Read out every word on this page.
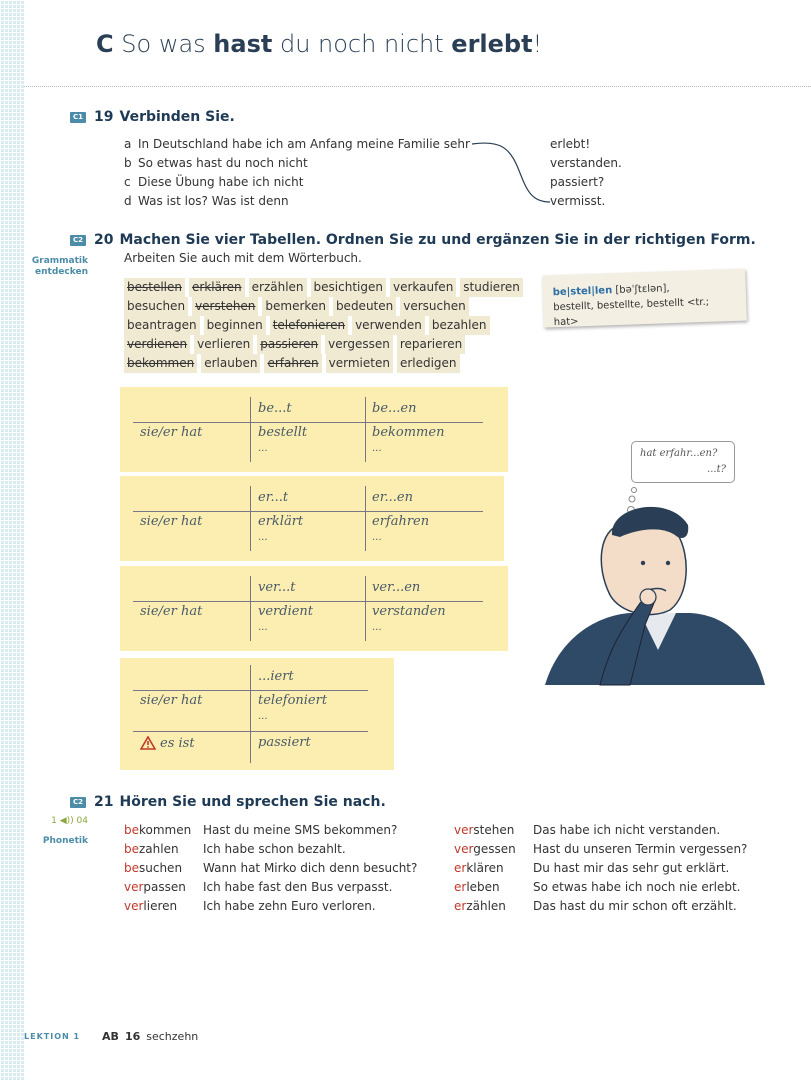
C So was hast du noch nicht erlebt!
C1 19 Verbinden Sie.
a In Deutschland habe ich am Anfang meine Familie sehr
b So etwas hast du noch nicht
c Diese Übung habe ich nicht
d Was ist los? Was ist denn
erlebt!
verstanden.
passiert?
vermisst.
C2 20 Machen Sie vier Tabellen. Ordnen Sie zu und ergänzen Sie in der richtigen Form.
Arbeiten Sie auch mit dem Wörterbuch.
Grammatik
entdecken
bestellen erklären erzählen besichtigen verkaufen studieren
besuchen verstehen bemerken bedeuten versuchen
beantragen beginnen telefonieren verwenden bezahlen
verdienen verlieren passieren vergessen reparieren
bekommen erlauben erfahren vermieten erledigen
be|stel|len [bəˈʃtɛlən],
bestellt, bestellte, bestellt <tr.; hat>
be...t	be...en
sie/er hat	bestellt	bekommen
...	...
er...t	er...en
sie/er hat	erklärt	erfahren
...	...
ver...t	ver...en
sie/er hat	verdient	verstanden
...	...
...iert
sie/er hat	telefoniert
...
es ist	passiert
hat erfahr...en?
...t?
C2 21 Hören Sie und sprechen Sie nach.
1 ◀)) 04
Phonetik
bekommen Hast du meine SMS bekommen?
bezahlen Ich habe schon bezahlt.
besuchen Wann hat Mirko dich denn besucht?
verpassen Ich habe fast den Bus verpasst.
verlieren Ich habe zehn Euro verloren.
verstehen Das habe ich nicht verstanden.
vergessen Hast du unseren Termin vergessen?
erklären Du hast mir das sehr gut erklärt.
erleben	So etwas habe ich noch nie erlebt.
erzählen Das hast du mir schon oft erzählt.
LEKTION 1 AB 16 sechzehn
